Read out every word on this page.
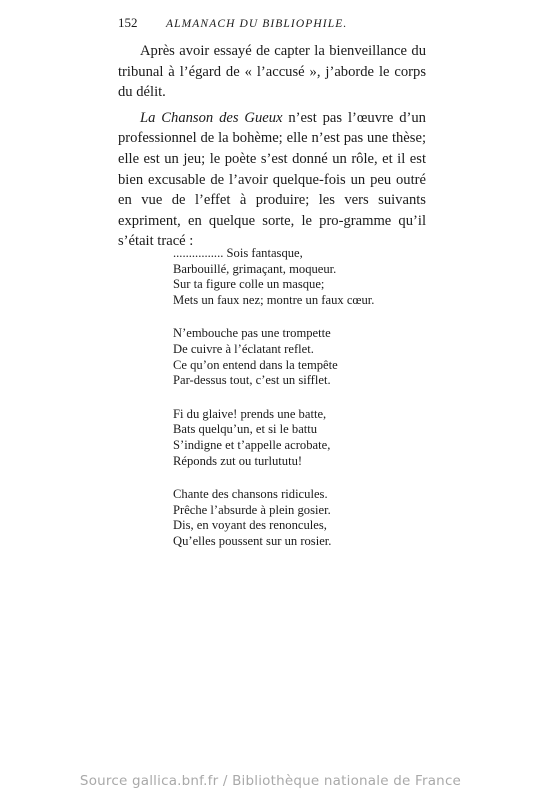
152 ALMANACH DU BIBLIOPHILE.

Après avoir essayé de capter la bienveillance du tribunal à l’égard de « l’accusé », j’aborde le corps du délit.

La Chanson des Gueux n’est pas l’œuvre d’un professionnel de la bohème; elle n’est pas une thèse; elle est un jeu; le poète s’est donné un rôle, et il est bien excusable de l’avoir quelque-fois un peu outré en vue de l’effet à produire; les vers suivants expriment, en quelque sorte, le pro-gramme qu’il s’était tracé :

................ Sois fantasque,
Barbouillé, grimaçant, moqueur.
Sur ta figure colle un masque;
Mets un faux nez; montre un faux cœur.
N’embouche pas une trompette
De cuivre à l’éclatant reflet.
Ce qu’on entend dans la tempête
Par-dessus tout, c’est un sifflet.
Fi du glaive! prends une batte,
Bats quelqu’un, et si le battu
S’indigne et t’appelle acrobate,
Réponds zut ou turlututu!
Chante des chansons ridicules.
Prêche l’absurde à plein gosier.
Dis, en voyant des renoncules,
Qu’elles poussent sur un rosier.
Source gallica.bnf.fr / Bibliothèque nationale de France
